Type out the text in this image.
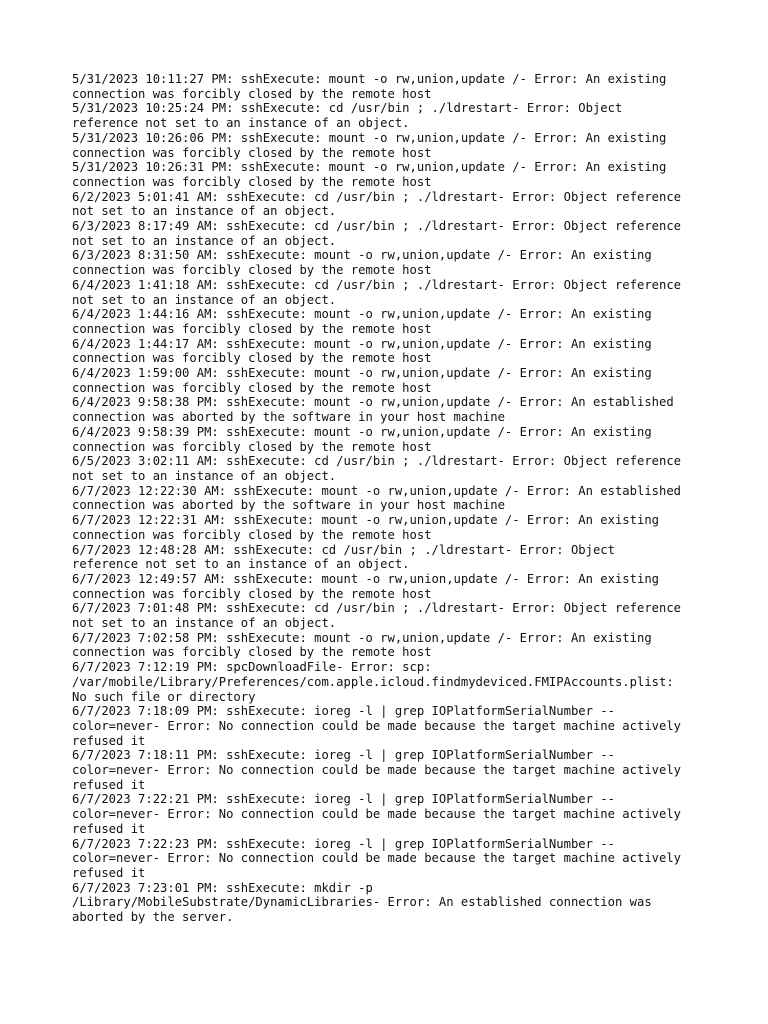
5/31/2023 10:11:27 PM: sshExecute: mount -o rw,union,update /- Error: An existing
connection was forcibly closed by the remote host
5/31/2023 10:25:24 PM: sshExecute: cd /usr/bin ; ./ldrestart- Error: Object
reference not set to an instance of an object.
5/31/2023 10:26:06 PM: sshExecute: mount -o rw,union,update /- Error: An existing
connection was forcibly closed by the remote host
5/31/2023 10:26:31 PM: sshExecute: mount -o rw,union,update /- Error: An existing
connection was forcibly closed by the remote host
6/2/2023 5:01:41 AM: sshExecute: cd /usr/bin ; ./ldrestart- Error: Object reference
not set to an instance of an object.
6/3/2023 8:17:49 AM: sshExecute: cd /usr/bin ; ./ldrestart- Error: Object reference
not set to an instance of an object.
6/3/2023 8:31:50 AM: sshExecute: mount -o rw,union,update /- Error: An existing
connection was forcibly closed by the remote host
6/4/2023 1:41:18 AM: sshExecute: cd /usr/bin ; ./ldrestart- Error: Object reference
not set to an instance of an object.
6/4/2023 1:44:16 AM: sshExecute: mount -o rw,union,update /- Error: An existing
connection was forcibly closed by the remote host
6/4/2023 1:44:17 AM: sshExecute: mount -o rw,union,update /- Error: An existing
connection was forcibly closed by the remote host
6/4/2023 1:59:00 AM: sshExecute: mount -o rw,union,update /- Error: An existing
connection was forcibly closed by the remote host
6/4/2023 9:58:38 PM: sshExecute: mount -o rw,union,update /- Error: An established
connection was aborted by the software in your host machine
6/4/2023 9:58:39 PM: sshExecute: mount -o rw,union,update /- Error: An existing
connection was forcibly closed by the remote host
6/5/2023 3:02:11 AM: sshExecute: cd /usr/bin ; ./ldrestart- Error: Object reference
not set to an instance of an object.
6/7/2023 12:22:30 AM: sshExecute: mount -o rw,union,update /- Error: An established
connection was aborted by the software in your host machine
6/7/2023 12:22:31 AM: sshExecute: mount -o rw,union,update /- Error: An existing
connection was forcibly closed by the remote host
6/7/2023 12:48:28 AM: sshExecute: cd /usr/bin ; ./ldrestart- Error: Object
reference not set to an instance of an object.
6/7/2023 12:49:57 AM: sshExecute: mount -o rw,union,update /- Error: An existing
connection was forcibly closed by the remote host
6/7/2023 7:01:48 PM: sshExecute: cd /usr/bin ; ./ldrestart- Error: Object reference
not set to an instance of an object.
6/7/2023 7:02:58 PM: sshExecute: mount -o rw,union,update /- Error: An existing
connection was forcibly closed by the remote host
6/7/2023 7:12:19 PM: spcDownloadFile- Error: scp:
/var/mobile/Library/Preferences/com.apple.icloud.findmydeviced.FMIPAccounts.plist:
No such file or directory
6/7/2023 7:18:09 PM: sshExecute: ioreg -l | grep IOPlatformSerialNumber --
color=never- Error: No connection could be made because the target machine actively
refused it
6/7/2023 7:18:11 PM: sshExecute: ioreg -l | grep IOPlatformSerialNumber --
color=never- Error: No connection could be made because the target machine actively
refused it
6/7/2023 7:22:21 PM: sshExecute: ioreg -l | grep IOPlatformSerialNumber --
color=never- Error: No connection could be made because the target machine actively
refused it
6/7/2023 7:22:23 PM: sshExecute: ioreg -l | grep IOPlatformSerialNumber --
color=never- Error: No connection could be made because the target machine actively
refused it
6/7/2023 7:23:01 PM: sshExecute: mkdir -p
/Library/MobileSubstrate/DynamicLibraries- Error: An established connection was
aborted by the server.
